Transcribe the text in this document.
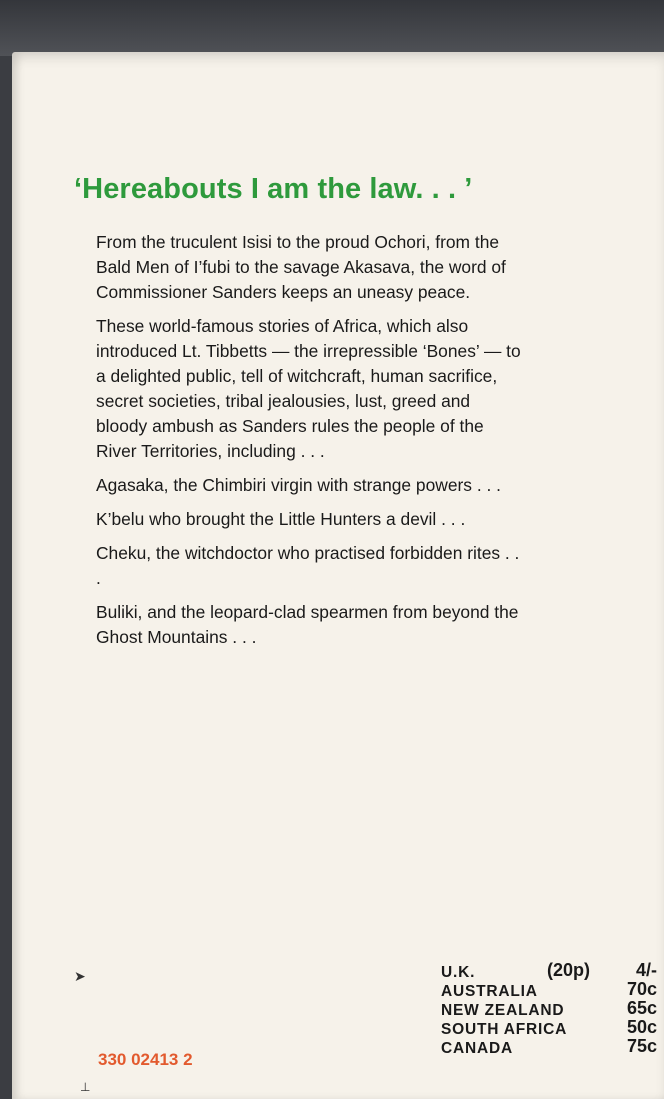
‘Hereabouts I am the law. . . ’

From the truculent Isisi to the proud Ochori, from the Bald Men of I’fubi to the savage Akasava, the word of Commissioner Sanders keeps an uneasy peace.

These world-famous stories of Africa, which also introduced Lt. Tibbetts — the irrepressible ‘Bones’ — to a delighted public, tell of witchcraft, human sacrifice, secret societies, tribal jealousies, lust, greed and bloody ambush as Sanders rules the people of the River Territories, including . . .

Agasaka, the Chimbiri virgin with strange powers . . .

K’belu who brought the Little Hunters a devil . . .

Cheku, the witchdoctor who practised forbidden rites . . .

Buliki, and the leopard-clad spearmen from beyond the Ghost Mountains . . .

U.K.	(20p)	4/-
AUSTRALIA	70c
NEW ZEALAND	65c
SOUTH AFRICA	50c
CANADA	75c
330 02413 2
➤
⊥
